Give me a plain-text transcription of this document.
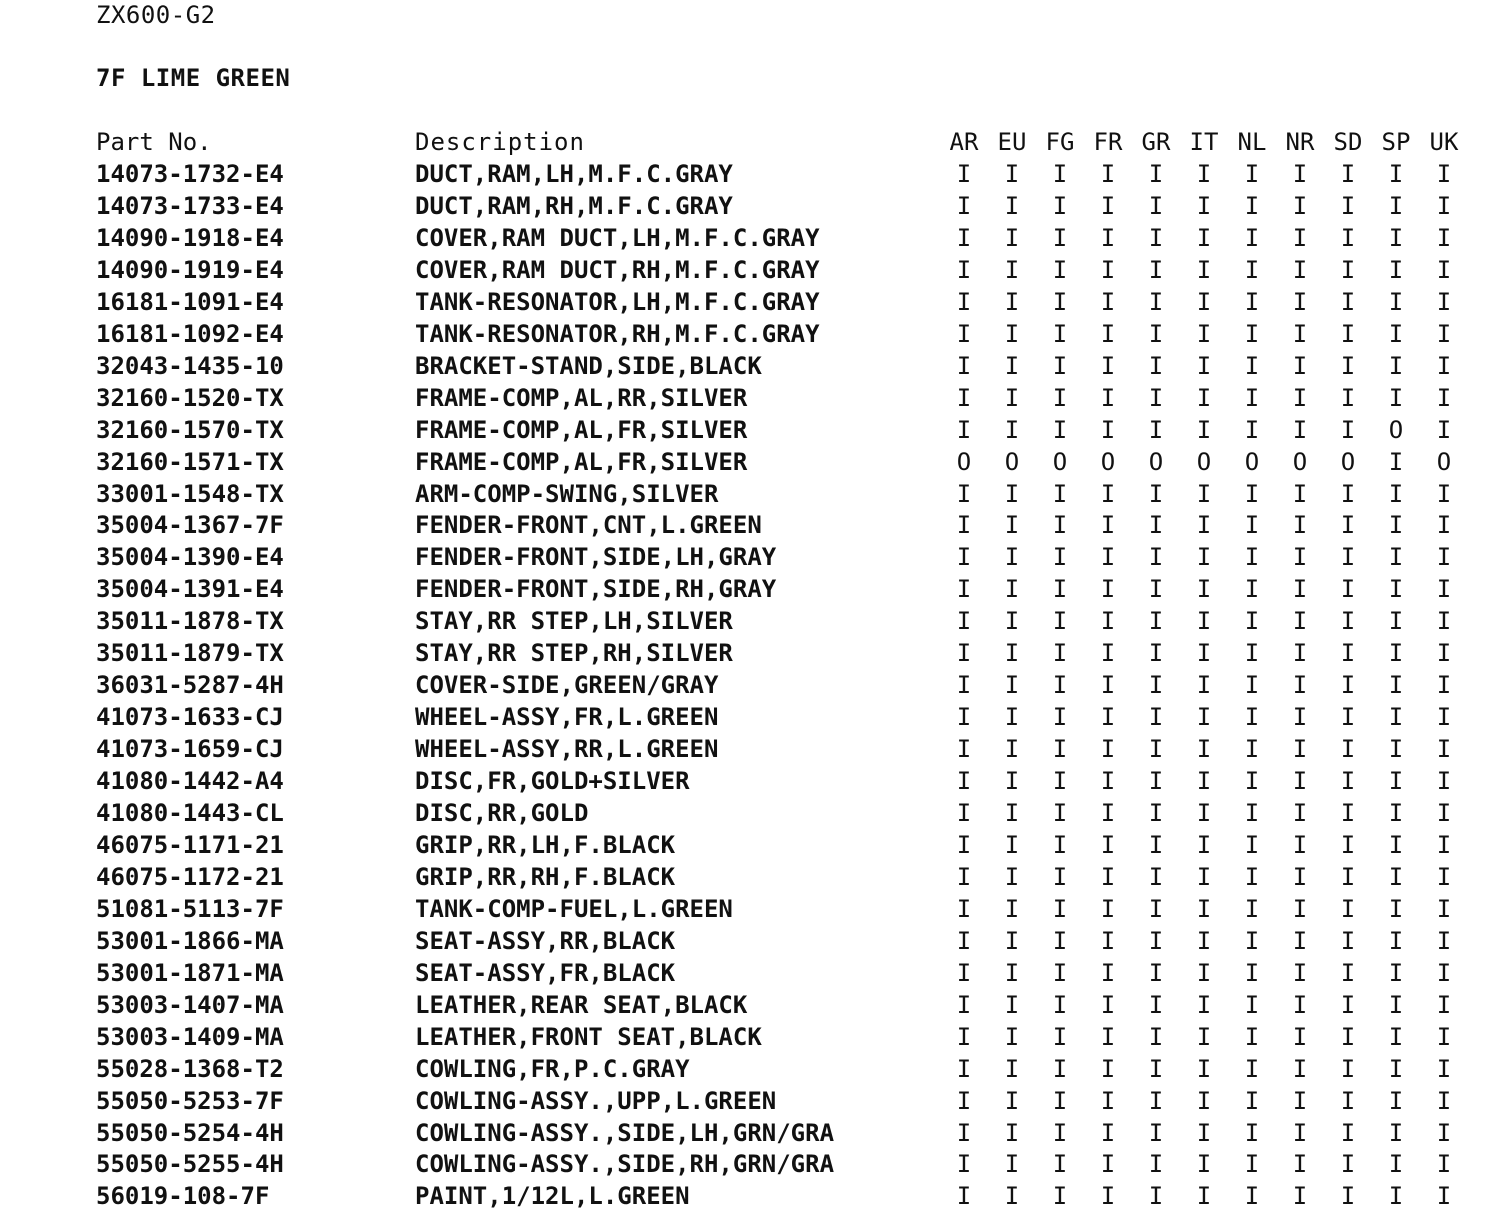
ZX600-G2
7F LIME GREEN
Part No.	Description	AR EU FG FR GR IT NL NR SD SP UK
14073-1732-E4	DUCT,RAM,LH,M.F.C.GRAY	I	I	I	I	I	I	I	I	I	I	I
14073-1733-E4	DUCT,RAM,RH,M.F.C.GRAY	I	I	I	I	I	I	I	I	I	I	I
14090-1918-E4	COVER,RAM DUCT,LH,M.F.C.GRAY	I	I	I	I	I	I	I	I	I	I	I
14090-1919-E4	COVER,RAM DUCT,RH,M.F.C.GRAY	I	I	I	I	I	I	I	I	I	I	I
16181-1091-E4	TANK-RESONATOR,LH,M.F.C.GRAY	I	I	I	I	I	I	I	I	I	I	I
16181-1092-E4	TANK-RESONATOR,RH,M.F.C.GRAY	I	I	I	I	I	I	I	I	I	I	I
32043-1435-10	BRACKET-STAND,SIDE,BLACK	I	I	I	I	I	I	I	I	I	I	I
32160-1520-TX	FRAME-COMP,AL,RR,SILVER	I	I	I	I	I	I	I	I	I	I	I
32160-1570-TX	FRAME-COMP,AL,FR,SILVER	I	I	I	I	I	I	I	I	I	O	I
32160-1571-TX	FRAME-COMP,AL,FR,SILVER	O	O	O	O	O	O	O	O	O	I	O
33001-1548-TX	ARM-COMP-SWING,SILVER	I	I	I	I	I	I	I	I	I	I	I
35004-1367-7F	FENDER-FRONT,CNT,L.GREEN	I	I	I	I	I	I	I	I	I	I	I
35004-1390-E4	FENDER-FRONT,SIDE,LH,GRAY	I	I	I	I	I	I	I	I	I	I	I
35004-1391-E4	FENDER-FRONT,SIDE,RH,GRAY	I	I	I	I	I	I	I	I	I	I	I
35011-1878-TX	STAY,RR STEP,LH,SILVER	I	I	I	I	I	I	I	I	I	I	I
35011-1879-TX	STAY,RR STEP,RH,SILVER	I	I	I	I	I	I	I	I	I	I	I
36031-5287-4H	COVER-SIDE,GREEN/GRAY	I	I	I	I	I	I	I	I	I	I	I
41073-1633-CJ	WHEEL-ASSY,FR,L.GREEN	I	I	I	I	I	I	I	I	I	I	I
41073-1659-CJ	WHEEL-ASSY,RR,L.GREEN	I	I	I	I	I	I	I	I	I	I	I
41080-1442-A4	DISC,FR,GOLD+SILVER	I	I	I	I	I	I	I	I	I	I	I
41080-1443-CL	DISC,RR,GOLD	I	I	I	I	I	I	I	I	I	I	I
46075-1171-21	GRIP,RR,LH,F.BLACK	I	I	I	I	I	I	I	I	I	I	I
46075-1172-21	GRIP,RR,RH,F.BLACK	I	I	I	I	I	I	I	I	I	I	I
51081-5113-7F	TANK-COMP-FUEL,L.GREEN	I	I	I	I	I	I	I	I	I	I	I
53001-1866-MA	SEAT-ASSY,RR,BLACK	I	I	I	I	I	I	I	I	I	I	I
53001-1871-MA	SEAT-ASSY,FR,BLACK	I	I	I	I	I	I	I	I	I	I	I
53003-1407-MA	LEATHER,REAR SEAT,BLACK	I	I	I	I	I	I	I	I	I	I	I
53003-1409-MA	LEATHER,FRONT SEAT,BLACK	I	I	I	I	I	I	I	I	I	I	I
55028-1368-T2	COWLING,FR,P.C.GRAY	I	I	I	I	I	I	I	I	I	I	I
55050-5253-7F	COWLING-ASSY.,UPP,L.GREEN	I	I	I	I	I	I	I	I	I	I	I
55050-5254-4H	COWLING-ASSY.,SIDE,LH,GRN/GRA	I	I	I	I	I	I	I	I	I	I	I
55050-5255-4H	COWLING-ASSY.,SIDE,RH,GRN/GRA	I	I	I	I	I	I	I	I	I	I	I
56019-108-7F	PAINT,1/12L,L.GREEN	I	I	I	I	I	I	I	I	I	I	I
